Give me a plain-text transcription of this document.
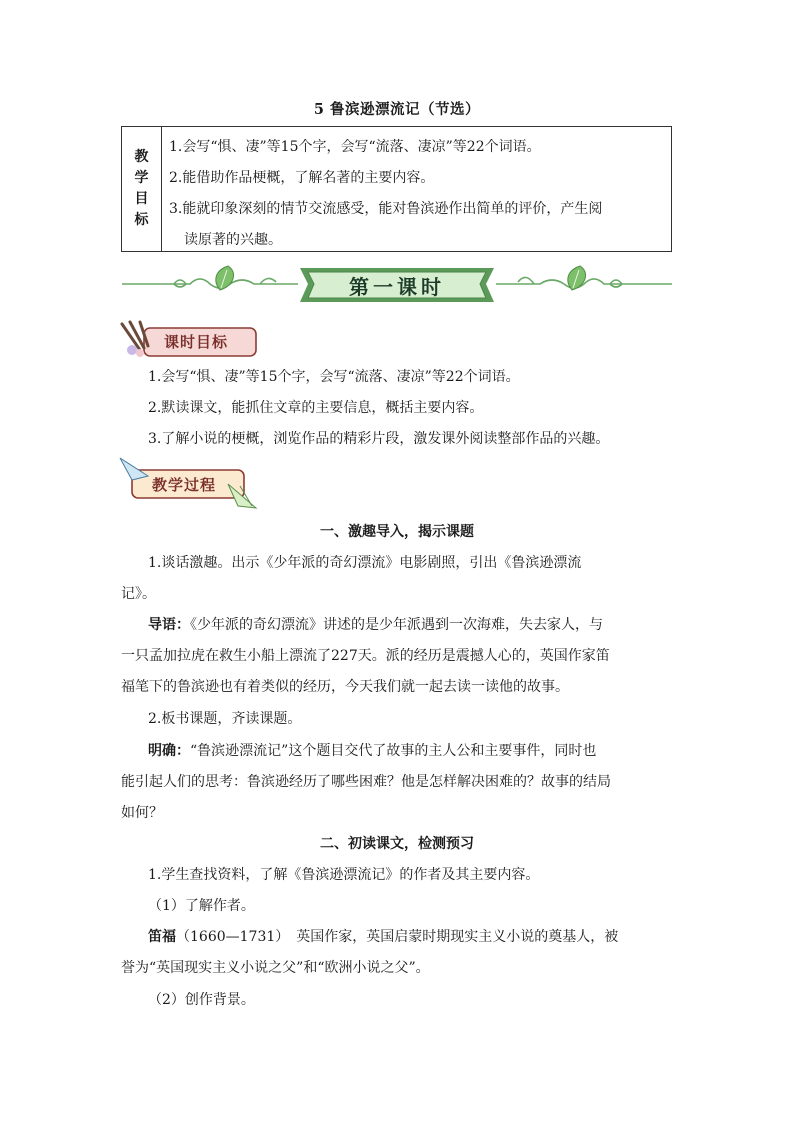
5 鲁滨逊漂流记（节选）
教
学
目
标
1.会写“惧、凄”等15个字，会写“流落、凄凉”等22个词语。
2.能借助作品梗概，了解名著的主要内容。
3.能就印象深刻的情节交流感受，能对鲁滨逊作出简单的评价，产生阅
读原著的兴趣。
第一课时
课时目标
1.会写“惧、凄”等15个字，会写“流落、凄凉”等22个词语。
2.默读课文，能抓住文章的主要信息，概括主要内容。
3.了解小说的梗概，浏览作品的精彩片段，激发课外阅读整部作品的兴趣。
教学过程
一、激趣导入，揭示课题
1.谈话激趣。出示《少年派的奇幻漂流》电影剧照，引出《鲁滨逊漂流
记》。
导语：《少年派的奇幻漂流》讲述的是少年派遇到一次海难，失去家人，与
一只孟加拉虎在救生小船上漂流了227天。派的经历是震撼人心的，英国作家笛
福笔下的鲁滨逊也有着类似的经历，今天我们就一起去读一读他的故事。
2.板书课题，齐读课题。
明确：“鲁滨逊漂流记”这个题目交代了故事的主人公和主要事件，同时也
能引起人们的思考：鲁滨逊经历了哪些困难？他是怎样解决困难的？故事的结局
如何？
二、初读课文，检测预习
1.学生查找资料，了解《鲁滨逊漂流记》的作者及其主要内容。
（1）了解作者。
笛福（1660—1731）　英国作家，英国启蒙时期现实主义小说的奠基人，被
誉为“英国现实主义小说之父”和“欧洲小说之父”。
（2）创作背景。
